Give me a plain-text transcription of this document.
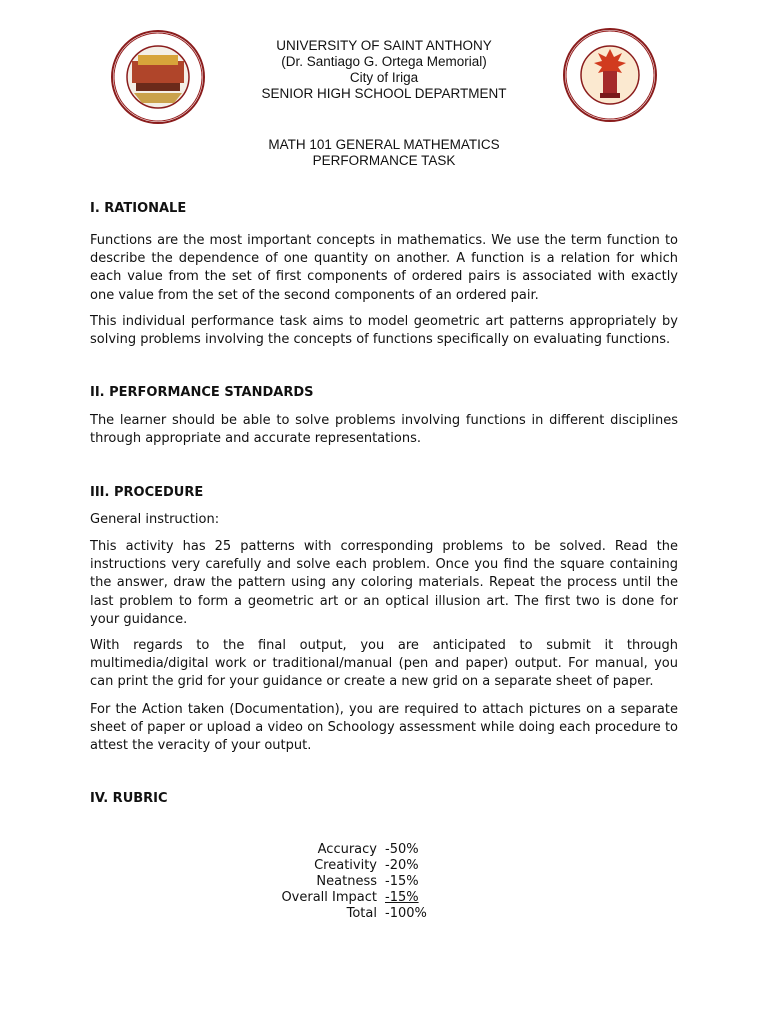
UNIVERSITY OF SAINT ANTHONY
(Dr. Santiago G. Ortega Memorial)
City of Iriga
SENIOR HIGH SCHOOL DEPARTMENT
MATH 101 GENERAL MATHEMATICS
PERFORMANCE TASK
I. RATIONALE

Functions are the most important concepts in mathematics. We use the term function to describe the dependence of one quantity on another. A function is a relation for which each value from the set of first components of ordered pairs is associated with exactly one value from the set of the second components of an ordered pair.

This individual performance task aims to model geometric art patterns appropriately by solving problems involving the concepts of functions specifically on evaluating functions.

II. PERFORMANCE STANDARDS

The learner should be able to solve problems involving functions in different disciplines through appropriate and accurate representations.

III. PROCEDURE

General instruction:

This activity has 25 patterns with corresponding problems to be solved. Read the instructions very carefully and solve each problem. Once you find the square containing the answer, draw the pattern using any coloring materials. Repeat the process until the last problem to form a geometric art or an optical illusion art. The first two is done for your guidance.

With regards to the final output, you are anticipated to submit it through multimedia/digital work or traditional/manual (pen and paper) output. For manual, you can print the grid for your guidance or create a new grid on a separate sheet of paper.

For the Action taken (Documentation), you are required to attach pictures on a separate sheet of paper or upload a video on Schoology assessment while doing each procedure to attest the veracity of your output.

IV. RUBRIC
Accuracy -50%
Creativity -20%
Neatness -15%
Overall Impact -15%
Total -100%
